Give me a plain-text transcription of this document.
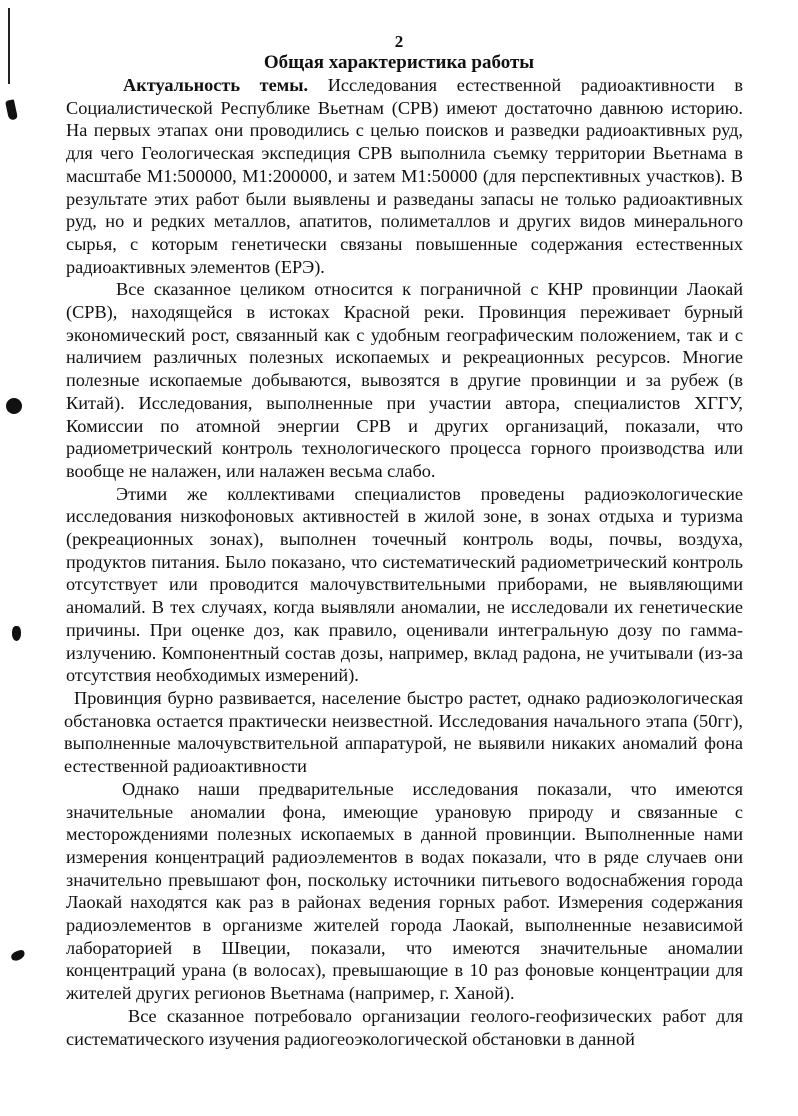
2
Общая характеристика работы

Актуальность темы. Исследования естественной радиоактивности в Социалистической Республике Вьетнам (СРВ) имеют достаточно давнюю историю. На первых этапах они проводились с целью поисков и разведки радиоактивных руд, для чего Геологическая экспедиция СРВ выполнила съемку территории Вьетнама в масштабе М1:500000, М1:200000, и затем М1:50000 (для перспективных участков). В результате этих работ были выявлены и разведаны запасы не только радиоактивных руд, но и редких металлов, апатитов, полиметаллов и других видов минерального сырья, с которым генетически связаны повышенные содержания естественных радиоактивных элементов (ЕРЭ).

Все сказанное целиком относится к пограничной с КНР провинции Лаокай (СРВ), находящейся в истоках Красной реки. Провинция переживает бурный экономический рост, связанный как с удобным географическим положением, так и с наличием различных полезных ископаемых и рекреационных ресурсов. Многие полезные ископаемые добываются, вывозятся в другие провинции и за рубеж (в Китай). Исследования, выполненные при участии автора, специалистов ХГГУ, Комиссии по атомной энергии СРВ и других организаций, показали, что радиометрический контроль технологического процесса горного производства или вообще не налажен, или налажен весьма слабо.

Этими же коллективами специалистов проведены радиоэкологические исследования низкофоновых активностей в жилой зоне, в зонах отдыха и туризма (рекреационных зонах), выполнен точечный контроль воды, почвы, воздуха, продуктов питания. Было показано, что систематический радиометрический контроль отсутствует или проводится малочувствительными приборами, не выявляющими аномалий. В тех случаях, когда выявляли аномалии, не исследовали их генетические причины. При оценке доз, как правило, оценивали интегральную дозу по гамма-излучению. Компонентный состав дозы, например, вклад радона, не учитывали (из-за отсутствия необходимых измерений).

Провинция бурно развивается, население быстро растет, однако радиоэкологическая обстановка остается практически неизвестной. Исследования начального этапа (50гг), выполненные малочувствительной аппаратурой, не выявили никаких аномалий фона естественной радиоактивности

Однако наши предварительные исследования показали, что имеются значительные аномалии фона, имеющие урановую природу и связанные с месторождениями полезных ископаемых в данной провинции. Выполненные нами измерения концентраций радиоэлементов в водах показали, что в ряде случаев они значительно превышают фон, поскольку источники питьевого водоснабжения города Лаокай находятся как раз в районах ведения горных работ. Измерения содержания радиоэлементов в организме жителей города Лаокай, выполненные независимой лабораторией в Швеции, показали, что имеются значительные аномалии концентраций урана (в волосах), превышающие в 10 раз фоновые концентрации для жителей других регионов Вьетнама (например, г. Ханой).

Все сказанное потребовало организации геолого-геофизических работ для систематического изучения радиогеоэкологической обстановки в данной
